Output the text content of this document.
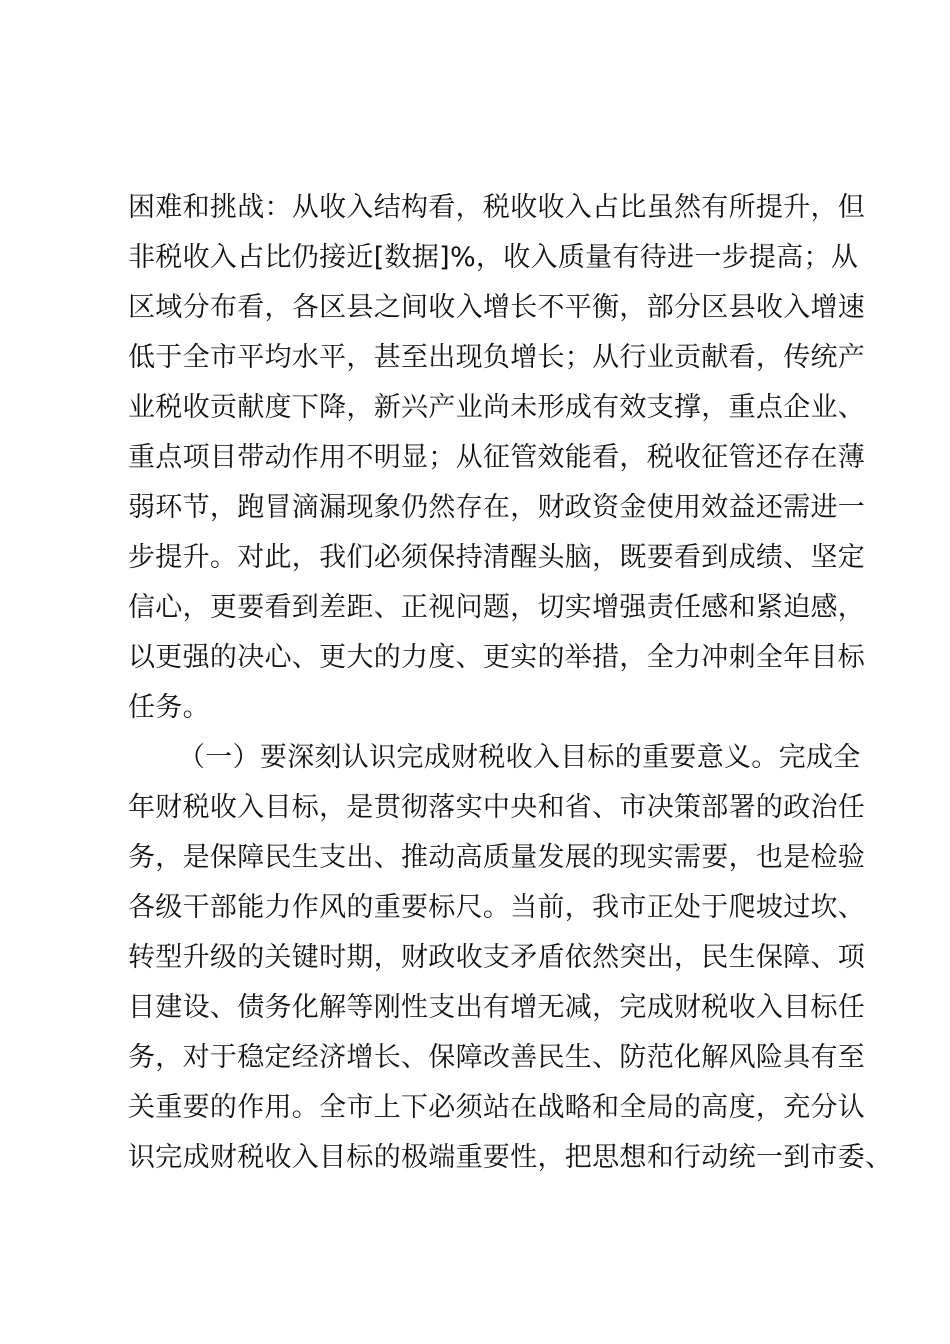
困难和挑战：从收入结构看，税收收入占比虽然有所提升，但
非税收入占比仍接近[数据]%，收入质量有待进一步提高；从
区域分布看，各区县之间收入增长不平衡，部分区县收入增速
低于全市平均水平，甚至出现负增长；从行业贡献看，传统产
业税收贡献度下降，新兴产业尚未形成有效支撑，重点企业、
重点项目带动作用不明显；从征管效能看，税收征管还存在薄
弱环节，跑冒滴漏现象仍然存在，财政资金使用效益还需进一
步提升。对此，我们必须保持清醒头脑，既要看到成绩、坚定
信心，更要看到差距、正视问题，切实增强责任感和紧迫感，
以更强的决心、更大的力度、更实的举措，全力冲刺全年目标
任务。
（一）要深刻认识完成财税收入目标的重要意义。完成全
年财税收入目标，是贯彻落实中央和省、市决策部署的政治任
务，是保障民生支出、推动高质量发展的现实需要，也是检验
各级干部能力作风的重要标尺。当前，我市正处于爬坡过坎、
转型升级的关键时期，财政收支矛盾依然突出，民生保障、项
目建设、债务化解等刚性支出有增无减，完成财税收入目标任
务，对于稳定经济增长、保障改善民生、防范化解风险具有至
关重要的作用。全市上下必须站在战略和全局的高度，充分认
识完成财税收入目标的极端重要性，把思想和行动统一到市委、
